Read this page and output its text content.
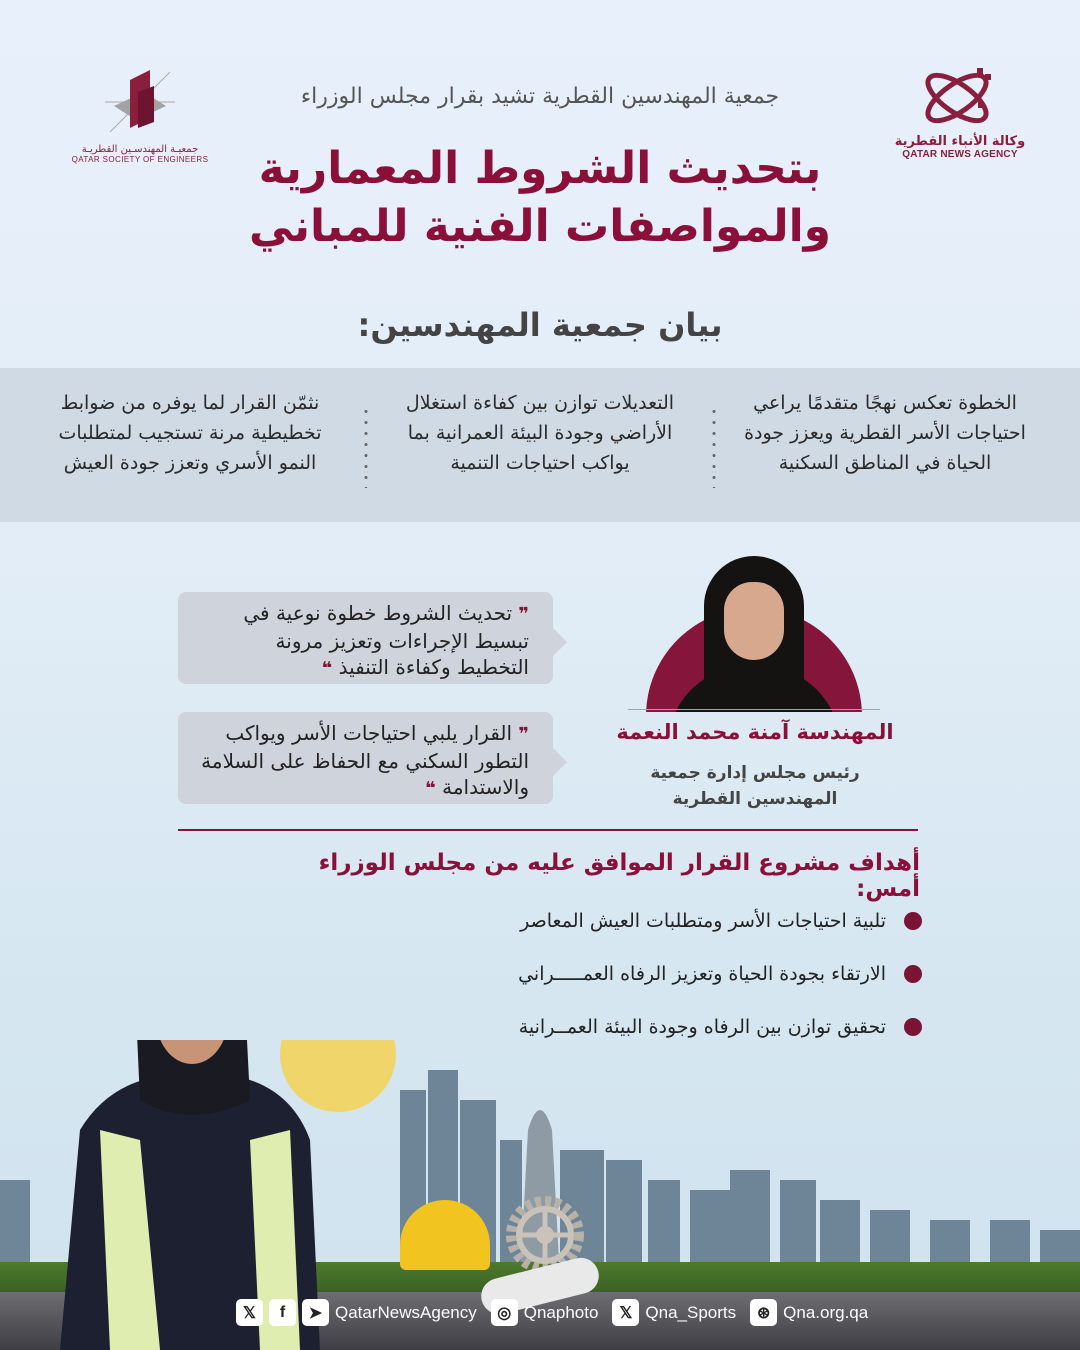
وكالة الأنباء القطرية
QATAR NEWS AGENCY
جمعيـة المهندسـين القطريـة
QATAR SOCIETY OF ENGINEERS
جمعية المهندسين القطرية تشيد بقرار مجلس الوزراء
بتحديث الشروط المعمارية
والمواصفات الفنية للمباني
بيان جمعية المهندسين:
الخطوة تعكس نهجًا متقدمًا يراعي احتياجات الأسر القطرية ويعزز جودة الحياة في المناطق السكنية
التعديلات توازن بين كفاءة استغلال الأراضي وجودة البيئة العمرانية بما يواكب احتياجات التنمية
نثمّن القرار لما يوفره من ضوابط تخطيطية مرنة تستجيب لمتطلبات النمو الأسري وتعزز جودة العيش
❞ تحديث الشروط خطوة نوعية في تبسيط الإجراءات وتعزيز مرونة التخطيط وكفاءة التنفيذ ❝
❞ القرار يلبي احتياجات الأسر ويواكب التطور السكني مع الحفاظ على السلامة والاستدامة ❝
المهندسة آمنة محمد النعمة
رئيس مجلس إدارة جمعية
المهندسين القطرية
أهداف مشروع القرار الموافق عليه من مجلس الوزراء أمس:
تلبية احتياجات الأسر ومتطلبات العيش المعاصر
الارتقاء بجودة الحياة وتعزيز الرفاه العمـــــراني
تحقيق توازن بين الرفاه وجودة البيئة العمــرانية
𝕏	f	➤ QatarNewsAgency	◎ Qnaphoto	𝕏 Qna_Sports	⊛ Qna.org.qa
